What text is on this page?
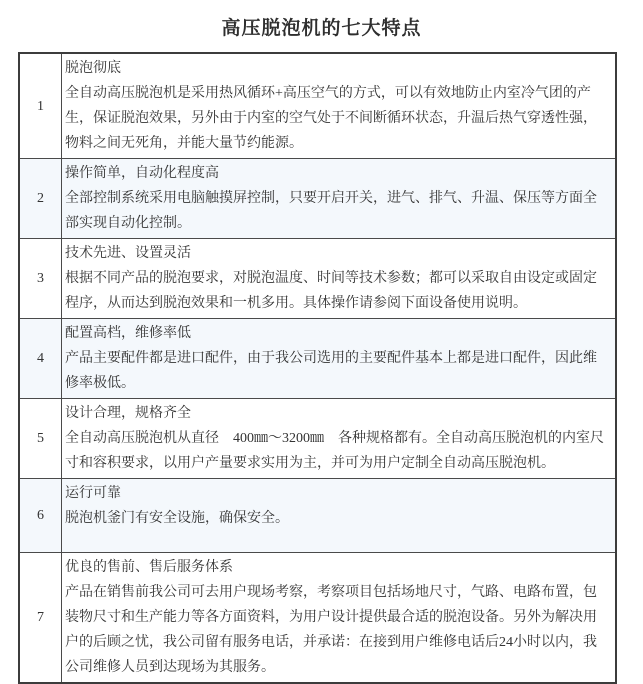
高压脱泡机的七大特点
1	脱泡彻底
全自动高压脱泡机是采用热风循环+高压空气的方式，可以有效地防止内室冷气团的产生，保证脱泡效果，另外由于内室的空气处于不间断循环状态，升温后热气穿透性强，物料之间无死角，并能大量节约能源。

2	操作简单，自动化程度高
全部控制系统采用电脑触摸屏控制，只要开启开关，进气、排气、升温、保压等方面全部实现自动化控制。

3	技术先进、设置灵活
根据不同产品的脱泡要求，对脱泡温度、时间等技术参数；都可以采取自由设定或固定程序，从而达到脱泡效果和一机多用。具体操作请参阅下面设备使用说明。

4	配置高档，维修率低
产品主要配件都是进口配件，由于我公司选用的主要配件基本上都是进口配件，因此维修率极低。

5	设计合理，规格齐全
全自动高压脱泡机从直径　400㎜～3200㎜　各种规格都有。全自动高压脱泡机的内室尺寸和容积要求，以用户产量要求实用为主，并可为用户定制全自动高压脱泡机。

6	运行可靠
脱泡机釜门有安全设施，确保安全。

7	优良的售前、售后服务体系
产品在销售前我公司可去用户现场考察，考察项目包括场地尺寸，气路、电路布置，包装物尺寸和生产能力等各方面资料，为用户设计提供最合适的脱泡设备。另外为解决用户的后顾之忧，我公司留有服务电话，并承诺：在接到用户维修电话后24小时以内，我公司维修人员到达现场为其服务。
